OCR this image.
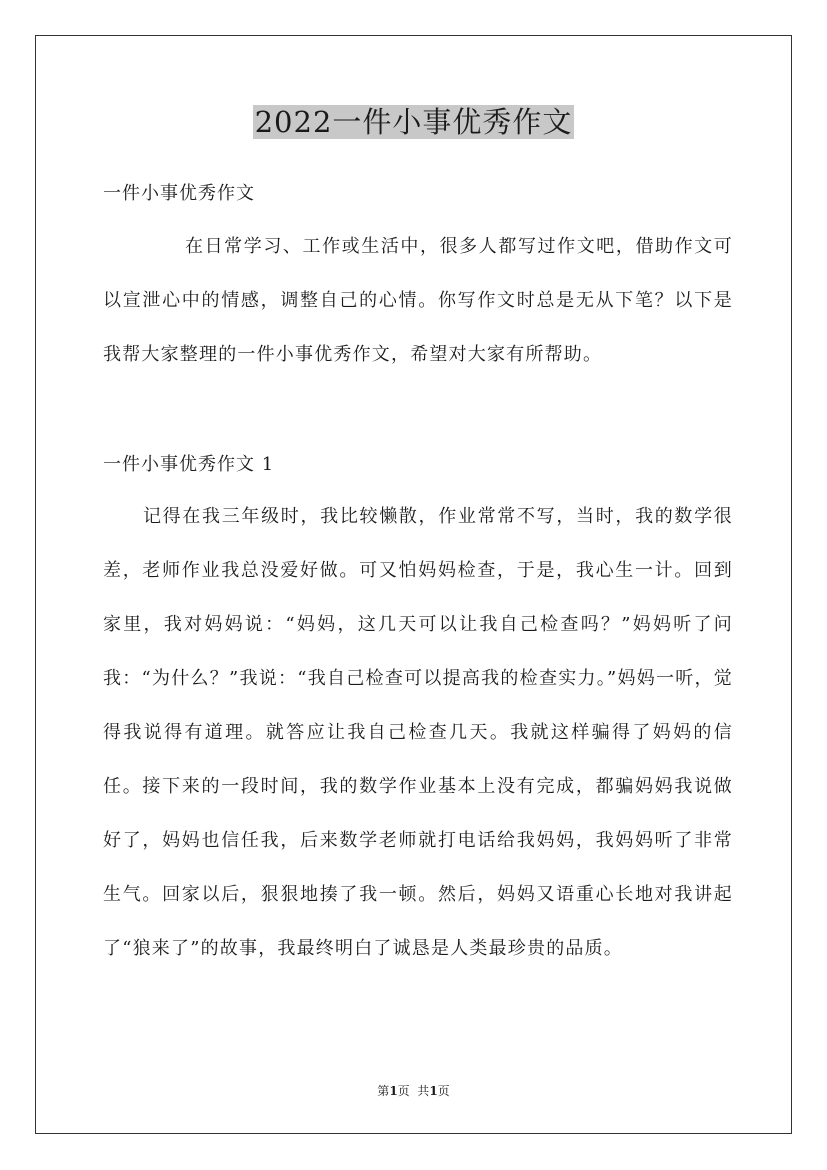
2022一件小事优秀作文
一件小事优秀作文
在日常学习、工作或生活中，很多人都写过作文吧，借助作文可以宣泄心中的情感，调整自己的心情。你写作文时总是无从下笔？以下是我帮大家整理的一件小事优秀作文，希望对大家有所帮助。
一件小事优秀作文 1
记得在我三年级时，我比较懒散，作业常常不写，当时，我的数学很差，老师作业我总没爱好做。可又怕妈妈检查，于是，我心生一计。回到家里，我对妈妈说：“妈妈，这几天可以让我自己检查吗？”妈妈听了问我：“为什么？”我说：“我自己检查可以提高我的检查实力。”妈妈一听，觉得我说得有道理。就答应让我自己检查几天。我就这样骗得了妈妈的信任。接下来的一段时间，我的数学作业基本上没有完成，都骗妈妈我说做好了，妈妈也信任我，后来数学老师就打电话给我妈妈，我妈妈听了非常生气。回家以后，狠狠地揍了我一顿。然后，妈妈又语重心长地对我讲起了“狼来了”的故事，我最终明白了诚恳是人类最珍贵的品质。
第1页  共1页
